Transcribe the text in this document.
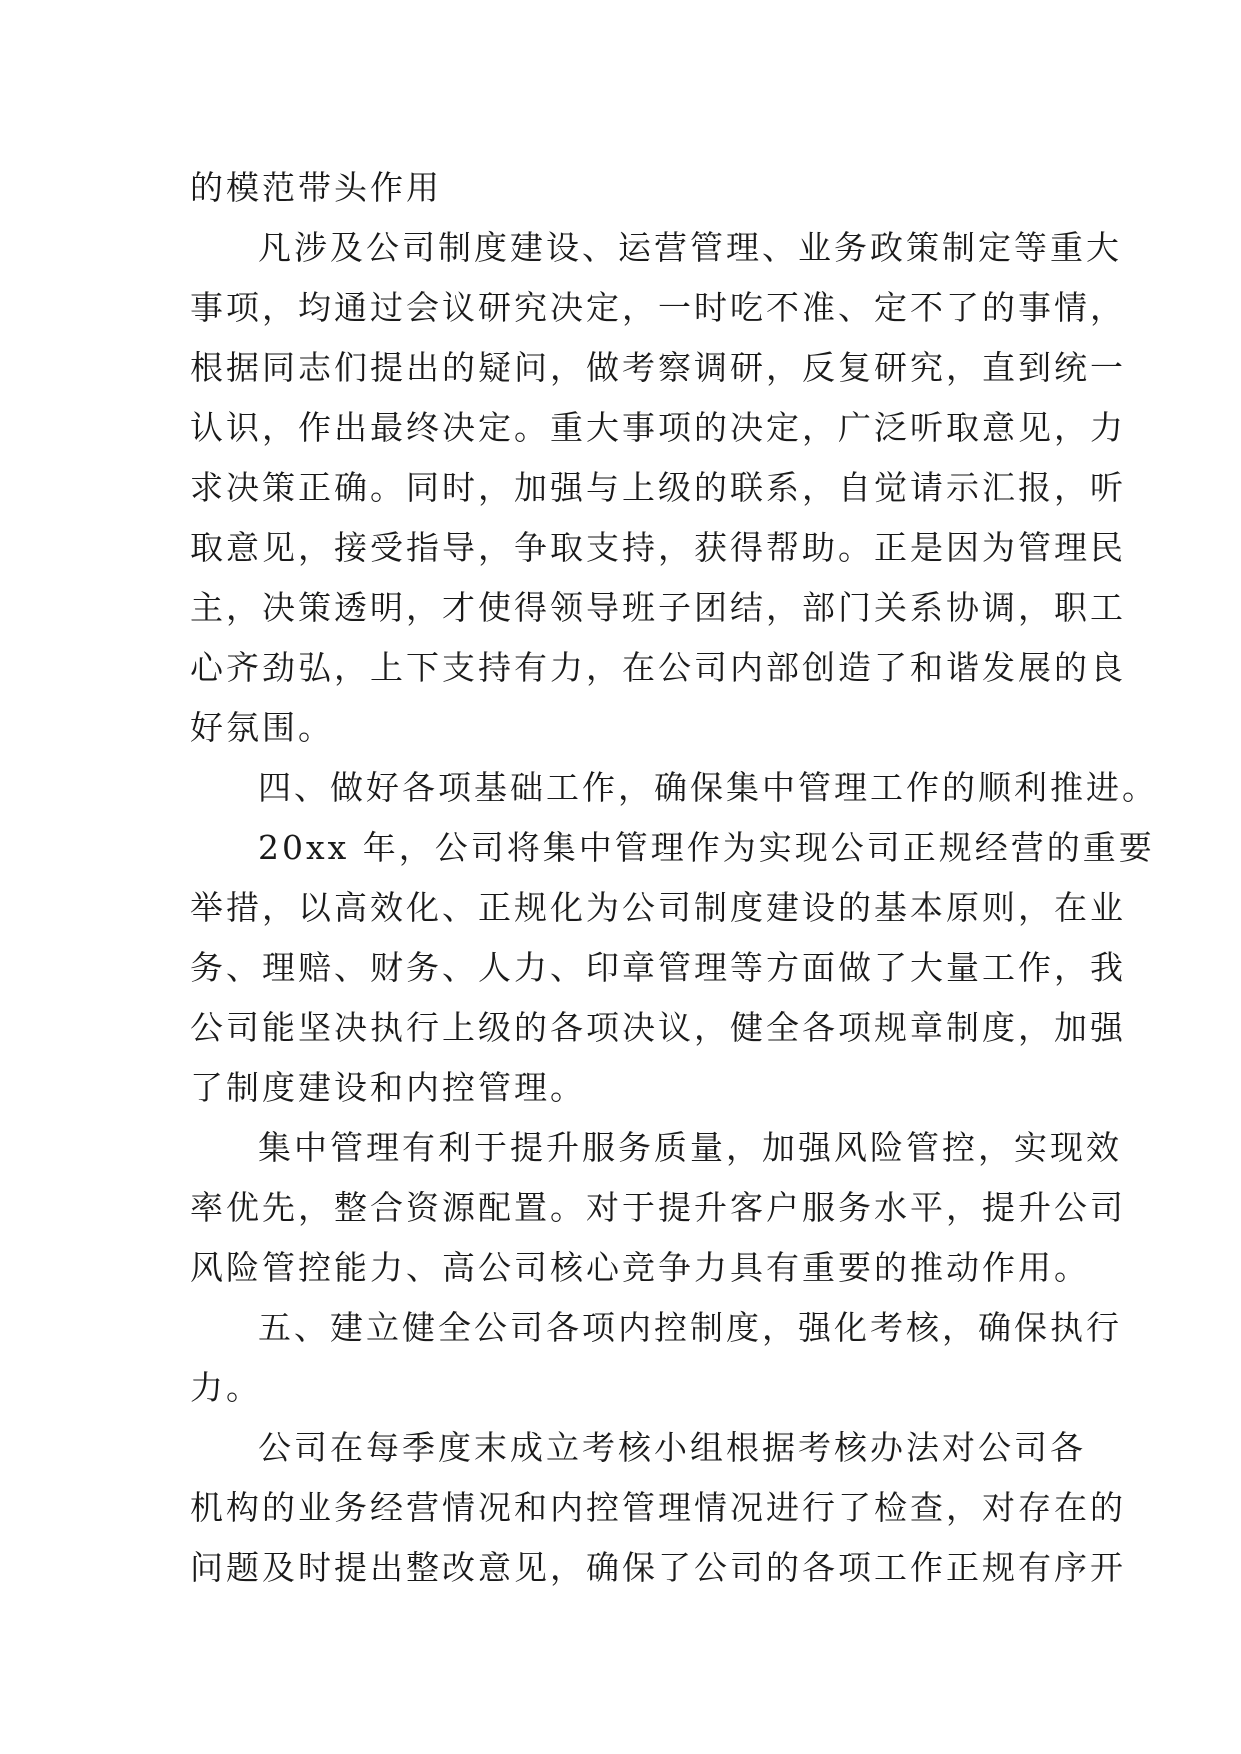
的模范带头作用
凡涉及公司制度建设、运营管理、业务政策制定等重大
事项，均通过会议研究决定，一时吃不准、定不了的事情，
根据同志们提出的疑问，做考察调研，反复研究，直到统一
认识，作出最终决定。重大事项的决定，广泛听取意见，力
求决策正确。同时，加强与上级的联系，自觉请示汇报，听
取意见，接受指导，争取支持，获得帮助。正是因为管理民
主，决策透明，才使得领导班子团结，部门关系协调，职工
心齐劲弘，上下支持有力，在公司内部创造了和谐发展的良
好氛围。
四、做好各项基础工作，确保集中管理工作的顺利推进。
20xx 年，公司将集中管理作为实现公司正规经营的重要
举措，以高效化、正规化为公司制度建设的基本原则，在业
务、理赔、财务、人力、印章管理等方面做了大量工作，我
公司能坚决执行上级的各项决议，健全各项规章制度，加强
了制度建设和内控管理。
集中管理有利于提升服务质量，加强风险管控，实现效
率优先，整合资源配置。对于提升客户服务水平，提升公司
风险管控能力、高公司核心竞争力具有重要的推动作用。
五、建立健全公司各项内控制度，强化考核，确保执行
力。
公司在每季度末成立考核小组根据考核办法对公司各
机构的业务经营情况和内控管理情况进行了检查，对存在的
问题及时提出整改意见，确保了公司的各项工作正规有序开
